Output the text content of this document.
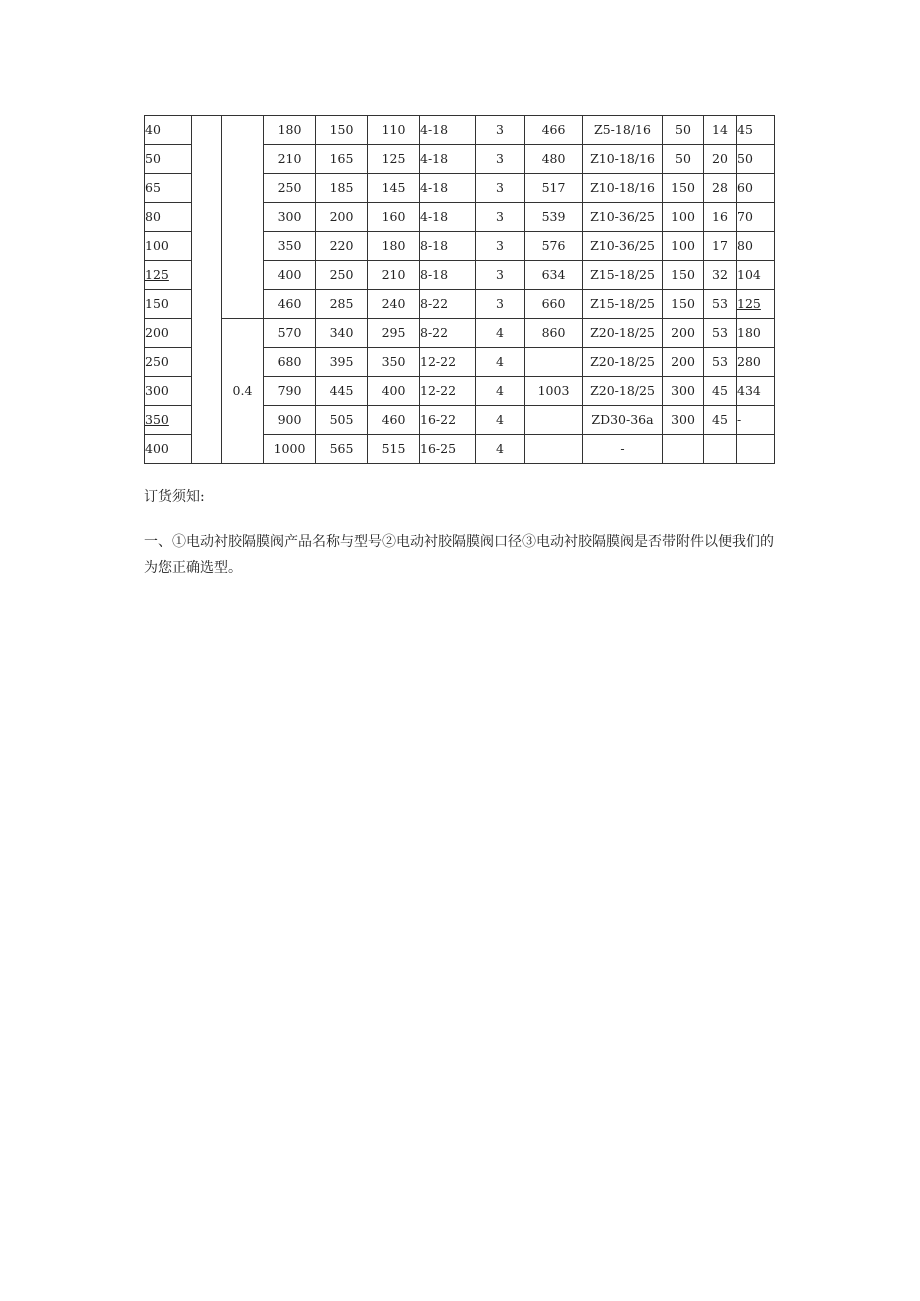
40			180	150	110	4-18	3	466	Z5-18/16	50	14	45
50			210	165	125	4-18	3	480	Z10-18/16	50	20	50
65			250	185	145	4-18	3	517	Z10-18/16	150	28	60
80			300	200	160	4-18	3	539	Z10-36/25	100	16	70
100			350	220	180	8-18	3	576	Z10-36/25	100	17	80
125			400	250	210	8-18	3	634	Z15-18/25	150	32	104
150			460	285	240	8-22	3	660	Z15-18/25	150	53	125
200		0.4	570	340	295	8-22	4	860	Z20-18/25	200	53	180
250			680	395	350	12-22	4		Z20-18/25	200	53	280
300			790	445	400	12-22	4	1003	Z20-18/25	300	45	434
350			900	505	460	16-22	4		ZD30-36a	300	45	-
400			1000	565	515	16-25	4		-			
订货须知:
一、①电动衬胶隔膜阀产品名称与型号②电动衬胶隔膜阀口径③电动衬胶隔膜阀是否带附件以便我们的为您正确选型。
